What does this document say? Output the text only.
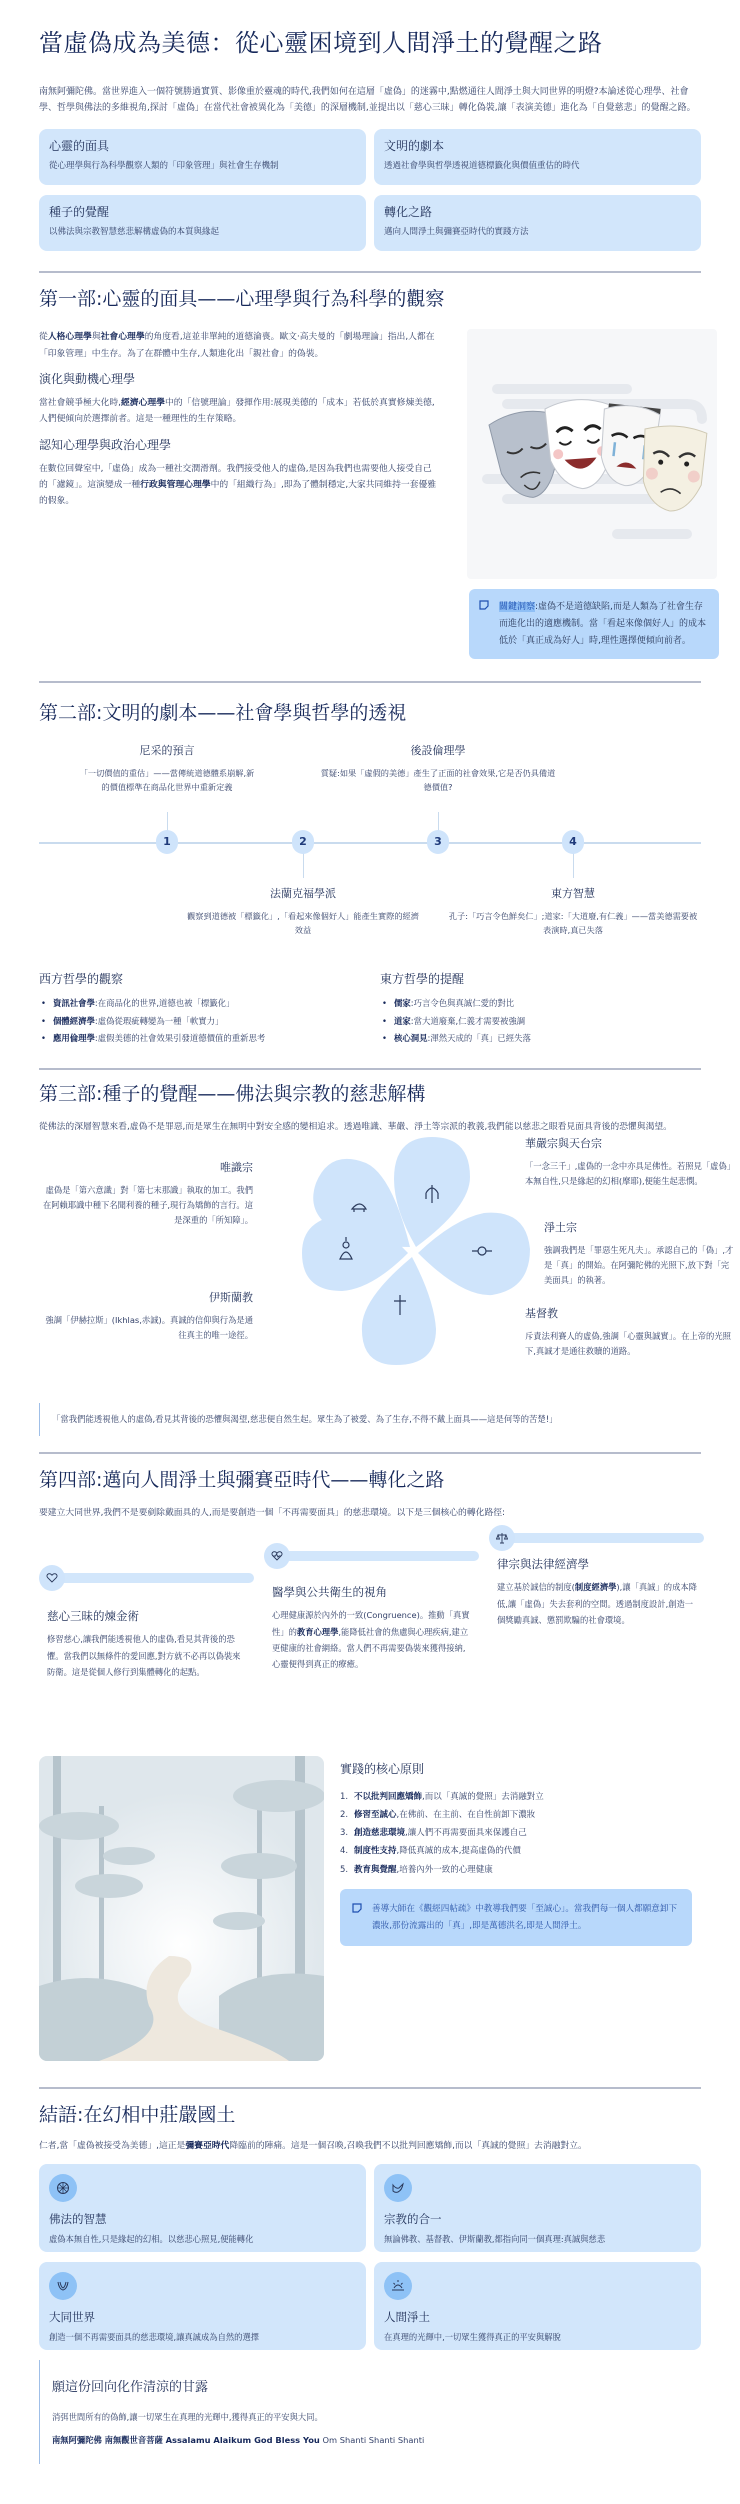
當虛偽成為美德：從心靈困境到人間淨土的覺醒之路

南無阿彌陀佛。當世界進入一個符號勝過實質、影像重於靈魂的時代,我們如何在這層「虛偽」的迷霧中,點燃通往人間淨土與大同世界的明燈?本論述從心理學、社會學、哲學與佛法的多維視角,探討「虛偽」在當代社會被異化為「美德」的深層機制,並提出以「慈心三昧」轉化偽裝,讓「表演美德」進化為「自覺慈悲」的覺醒之路。

心靈的面具
從心理學與行為科學觀察人類的「印象管理」與社會生存機制
文明的劇本
透過社會學與哲學透視道德標籤化與價值重估的時代
種子的覺醒
以佛法與宗教智慧慈悲解構虛偽的本質與緣起
轉化之路
邁向人間淨土與彌賽亞時代的實踐方法
第一部:心靈的面具——心理學與行為科學的觀察

從人格心理學與社會心理學的角度看,這並非單純的道德淪喪。歐文·高夫曼的「劇場理論」指出,人都在「印象管理」中生存。為了在群體中生存,人類進化出「親社會」的偽裝。

演化與動機心理學

當社會競爭極大化時,經濟心理學中的「信號理論」發揮作用:展現美德的「成本」若低於真實修煉美德,人們便傾向於選擇前者。這是一種理性的生存策略。

認知心理學與政治心理學

在數位回聲室中,「虛偽」成為一種社交潤滑劑。我們接受他人的虛偽,是因為我們也需要他人接受自己的「濾鏡」。這演變成一種行政與管理心理學中的「組織行為」,即為了體制穩定,大家共同維持一套優雅的假象。

關鍵洞察:虛偽不是道德缺陷,而是人類為了社會生存而進化出的適應機制。當「看起來像個好人」的成本低於「真正成為好人」時,理性選擇便傾向前者。
第二部:文明的劇本——社會學與哲學的透視
尼采的預言
「一切價值的重估」——當傳統道德體系崩解,新的價值標準在商品化世界中重新定義
1	2
法蘭克福學派
觀察到道德被「標籤化」,「看起來像個好人」能產生實際的經濟效益
後設倫理學
質疑:如果「虛假的美德」產生了正面的社會效果,它是否仍具備道德價值?
3	4
東方智慧
孔子:「巧言令色鮮矣仁」;道家:「大道廢,有仁義」——當美德需要被表演時,真已失落
西方哲學的觀察
• 資訊社會學:在商品化的世界,道德也被「標籤化」
• 個體經濟學:虛偽從瑕疵轉變為一種「軟實力」
• 應用倫理學:虛假美德的社會效果引發道德價值的重新思考
東方哲學的提醒
• 儒家:巧言令色與真誠仁愛的對比
• 道家:當大道廢棄,仁義才需要被強調
• 核心洞見:渾然天成的「真」已經失落
第三部:種子的覺醒——佛法與宗教的慈悲解構

從佛法的深層智慧來看,虛偽不是罪惡,而是眾生在無明中對安全感的變相追求。透過唯識、華嚴、淨土等宗派的教義,我們能以慈悲之眼看見面具背後的恐懼與渴望。

唯識宗
虛偽是「第六意識」對「第七末那識」執取的加工。我們在阿賴耶識中種下名聞利養的種子,現行為矯飾的言行。這是深重的「所知障」。
伊斯蘭教
強調「伊赫拉斯」(Ikhlas,赤誠)。真誠的信仰與行為是通往真主的唯一途徑。
華嚴宗與天台宗
「一念三千」,虛偽的一念中亦具足佛性。若照見「虛偽」本無自性,只是緣起的幻相(摩耶),便能生起悲憫。
淨土宗
強調我們是「罪惡生死凡夫」。承認自己的「偽」,才是「真」的開始。在阿彌陀佛的光照下,放下對「完美面具」的執著。
基督教
斥責法利賽人的虛偽,強調「心靈與誠實」。在上帝的光照下,真誠才是通往救贖的道路。
「當我們能透視他人的虛偽,看見其背後的恐懼與渴望,慈悲便自然生起。眾生為了被愛、為了生存,不得不戴上面具——這是何等的苦楚!」
第四部:邁向人間淨土與彌賽亞時代——轉化之路

要建立大同世界,我們不是要剷除戴面具的人,而是要創造一個「不再需要面具」的慈悲環境。以下是三個核心的轉化路徑:

慈心三昧的煉金術
修習慈心,讓我們能透視他人的虛偽,看見其背後的恐懼。當我們以無條件的愛回應,對方就不必再以偽裝來防衛。這是從個人修行到集體轉化的起點。
醫學與公共衛生的視角
心理健康源於內外的一致(Congruence)。推動「真實性」的教育心理學,能降低社會的焦慮與心理疾病,建立更健康的社會網絡。當人們不再需要偽裝來獲得接納,心靈便得到真正的療癒。
律宗與法律經濟學
建立基於誠信的制度(制度經濟學),讓「真誠」的成本降低,讓「虛偽」失去套利的空間。透過制度設計,創造一個獎勵真誠、懲罰欺騙的社會環境。
實踐的核心原則
1. 不以批判回應矯飾,而以「真誠的覺照」去消融對立
2. 修習至誠心,在佛前、在主前、在自性前卸下濃妝
3. 創造慈悲環境,讓人們不再需要面具來保護自己
4. 制度性支持,降低真誠的成本,提高虛偽的代價
5. 教育與覺醒,培養內外一致的心理健康
善導大師在《觀經四帖疏》中教導我們要「至誠心」。當我們每一個人都願意卸下濃妝,那份流露出的「真」,即是萬德洪名,即是人間淨土。
結語:在幻相中莊嚴國土

仁者,當「虛偽被接受為美德」,這正是彌賽亞時代降臨前的陣痛。這是一個召喚,召喚我們不以批判回應矯飾,而以「真誠的覺照」去消融對立。

佛法的智慧
虛偽本無自性,只是緣起的幻相。以慈悲心照見,便能轉化
宗教的合一
無論佛教、基督教、伊斯蘭教,都指向同一個真理:真誠與慈悲
大同世界
創造一個不再需要面具的慈悲環境,讓真誠成為自然的選擇
人間淨土
在真理的光輝中,一切眾生獲得真正的平安與解脫
願這份回向化作清涼的甘露

消弭世間所有的偽飾,讓一切眾生在真理的光輝中,獲得真正的平安與大同。

南無阿彌陀佛 南無觀世音菩薩 Assalamu Alaikum God Bless You Om Shanti Shanti Shanti
